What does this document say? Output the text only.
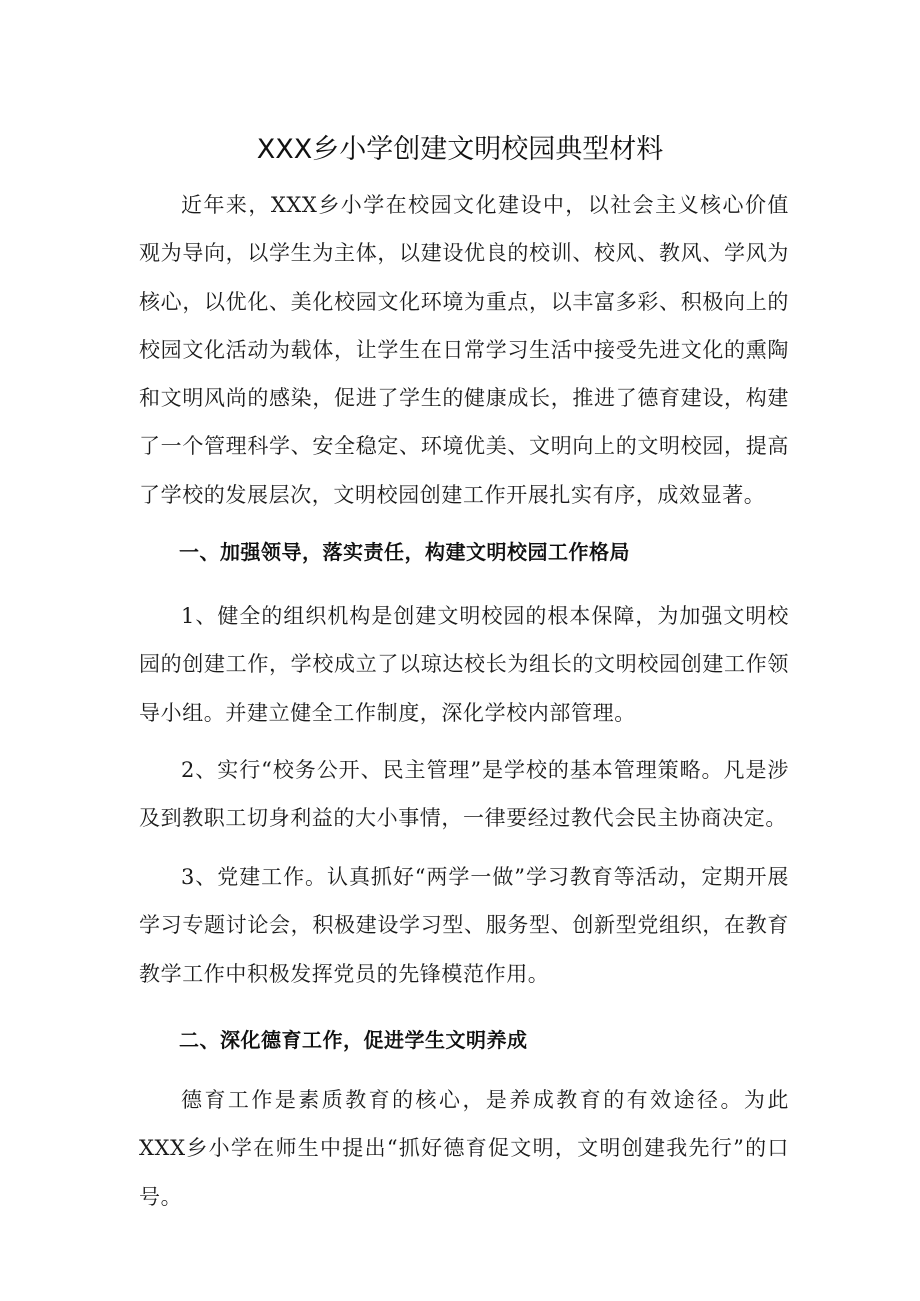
XXX乡小学创建文明校园典型材料

近年来，XXX乡小学在校园文化建设中，以社会主义核心价值观为导向，以学生为主体，以建设优良的校训、校风、教风、学风为核心，以优化、美化校园文化环境为重点，以丰富多彩、积极向上的校园文化活动为载体，让学生在日常学习生活中接受先进文化的熏陶和文明风尚的感染，促进了学生的健康成长，推进了德育建设，构建了一个管理科学、安全稳定、环境优美、文明向上的文明校园，提高了学校的发展层次，文明校园创建工作开展扎实有序，成效显著。

一、加强领导，落实责任，构建文明校园工作格局

1、健全的组织机构是创建文明校园的根本保障，为加强文明校园的创建工作，学校成立了以琼达校长为组长的文明校园创建工作领导小组。并建立健全工作制度，深化学校内部管理。

2、实行“校务公开、民主管理”是学校的基本管理策略。凡是涉及到教职工切身利益的大小事情，一律要经过教代会民主协商决定。

3、党建工作。认真抓好“两学一做”学习教育等活动，定期开展学习专题讨论会，积极建设学习型、服务型、创新型党组织，在教育教学工作中积极发挥党员的先锋模范作用。

二、深化德育工作，促进学生文明养成

德育工作是素质教育的核心，是养成教育的有效途径。为此XXX乡小学在师生中提出“抓好德育促文明，文明创建我先行”的口号。
